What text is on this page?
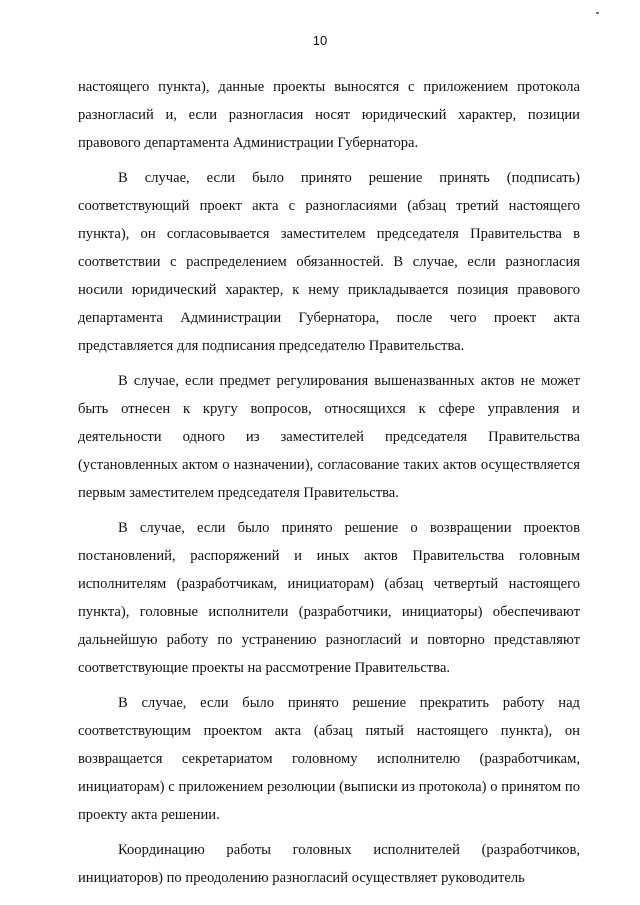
10

настоящего пункта), данные проекты выносятся с приложением протокола разногласий и, если разногласия носят юридический характер, позиции правового департамента Администрации Губернатора.

В случае, если было принято решение принять (подписать) соответствующий проект акта с разногласиями (абзац третий настоящего пункта), он согласовывается заместителем председателя Правительства в соответствии с распределением обязанностей. В случае, если разногласия носили юридический характер, к нему прикладывается позиция правового департамента Администрации Губернатора, после чего проект акта представляется для подписания председателю Правительства.

В случае, если предмет регулирования вышеназванных актов не может быть отнесен к кругу вопросов, относящихся к сфере управления и деятельности одного из заместителей председателя Правительства (установленных актом о назначении), согласование таких актов осуществляется первым заместителем председателя Правительства.

В случае, если было принято решение о возвращении проектов постановлений, распоряжений и иных актов Правительства головным исполнителям (разработчикам, инициаторам) (абзац четвертый настоящего пункта), головные исполнители (разработчики, инициаторы) обеспечивают дальнейшую работу по устранению разногласий и повторно представляют соответствующие проекты на рассмотрение Правительства.

В случае, если было принято решение прекратить работу над соответствующим проектом акта (абзац пятый настоящего пункта), он возвращается секретариатом головному исполнителю (разработчикам, инициаторам) с приложением резолюции (выписки из протокола) о принятом по проекту акта решении.

Координацию работы головных исполнителей (разработчиков, инициаторов) по преодолению разногласий осуществляет руководитель
